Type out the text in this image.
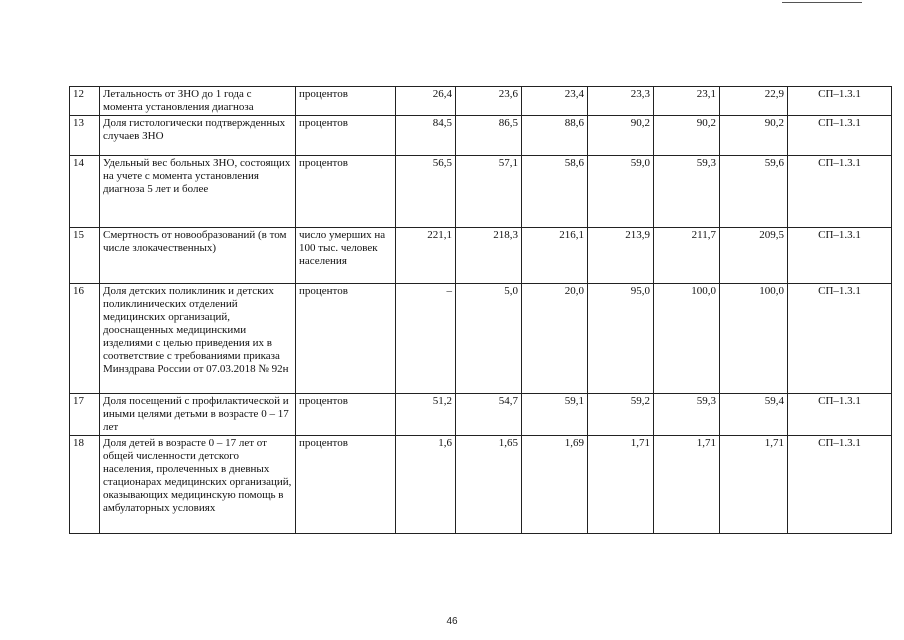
12	Летальность от ЗНО до 1 года с момента установления диагноза	процентов	26,4	23,6	23,4	23,3	23,1	22,9	СП–1.3.1
13	Доля гистологически подтвержденных случаев ЗНО	процентов	84,5	86,5	88,6	90,2	90,2	90,2	СП–1.3.1
14	Удельный вес больных ЗНО, состоящих на учете с момента установления диагноза 5 лет и более	процентов	56,5	57,1	58,6	59,0	59,3	59,6	СП–1.3.1
15	Смертность от новообразований (в том числе злокачественных)	число умерших на 100 тыс. человек населения	221,1	218,3	216,1	213,9	211,7	209,5	СП–1.3.1
16	Доля детских поликлиник и детских поликлинических отделений медицинских организаций, дооснащенных медицинскими изделиями с целью приведения их в соответствие с требованиями приказа Минздрава России от 07.03.2018 № 92н	процентов	–	5,0	20,0	95,0	100,0	100,0	СП–1.3.1
17	Доля посещений с профилактической и иными целями детьми в возрасте 0 – 17 лет	процентов	51,2	54,7	59,1	59,2	59,3	59,4	СП–1.3.1
18	Доля детей в возрасте 0 – 17 лет от общей численности детского населения, пролеченных в дневных стационарах медицинских организаций, оказывающих медицинскую помощь в амбулаторных условиях	процентов	1,6	1,65	1,69	1,71	1,71	1,71	СП–1.3.1
46
